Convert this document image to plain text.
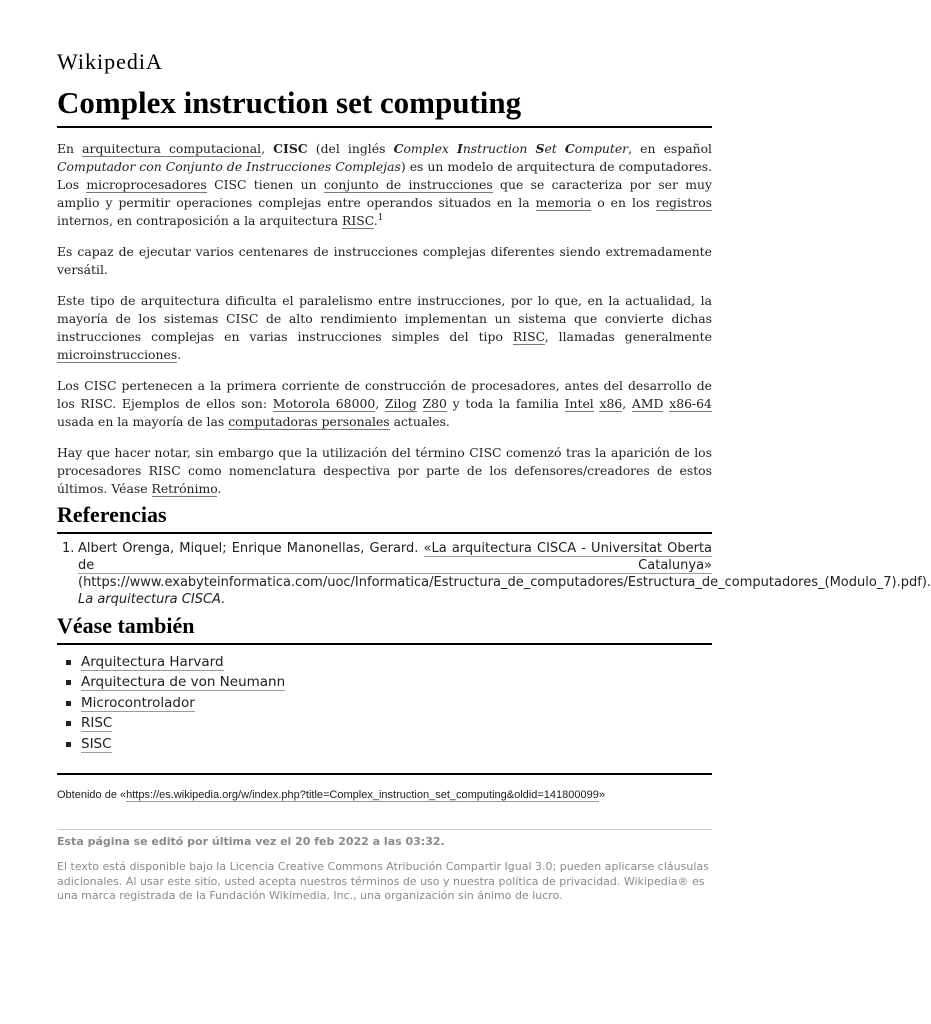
WikipediA
Complex instruction set computing

En arquitectura computacional, CISC (del inglés Complex Instruction Set Computer, en español Computador con Conjunto de Instrucciones Complejas) es un modelo de arquitectura de computadores. Los microprocesadores CISC tienen un conjunto de instrucciones que se caracteriza por ser muy amplio y permitir operaciones complejas entre operandos situados en la memoria o en los registros internos, en contraposición a la arquitectura RISC.$^1$

Es capaz de ejecutar varios centenares de instrucciones complejas diferentes siendo extremadamente versátil.

Este tipo de arquitectura dificulta el paralelismo entre instrucciones, por lo que, en la actualidad, la mayoría de los sistemas CISC de alto rendimiento implementan un sistema que convierte dichas instrucciones complejas en varias instrucciones simples del tipo RISC, llamadas generalmente microinstrucciones.

Los CISC pertenecen a la primera corriente de construcción de procesadores, antes del desarrollo de los RISC. Ejemplos de ellos son: Motorola 68000, Zilog Z80 y toda la familia Intel x86, AMD x86-64 usada en la mayoría de las computadoras personales actuales.

Hay que hacer notar, sin embargo que la utilización del término CISC comenzó tras la aparición de los procesadores RISC como nomenclatura despectiva por parte de los defensores/creadores de estos últimos. Véase Retrónimo.

Referencias
1. Albert Orenga, Miquel; Enrique Manonellas, Gerard. «La arquitectura CISCA - Universitat Oberta de Catalunya» (https://www.exabyteinformatica.com/uoc/Informatica/Estructura_de_computadores/Estructura_de_computadores_(Modulo_7).pdf). La arquitectura CISCA.
Véase también
Arquitectura Harvard
Arquitectura de von Neumann
Microcontrolador
RISC
SISC
Obtenido de «https://es.wikipedia.org/w/index.php?title=Complex_instruction_set_computing&oldid=141800099»
Esta página se editó por última vez el 20 feb 2022 a las 03:32.
El texto está disponible bajo la Licencia Creative Commons Atribución Compartir Igual 3.0; pueden aplicarse cláusulas adicionales. Al usar este sitio, usted acepta nuestros términos de uso y nuestra política de privacidad. Wikipedia® es una marca registrada de la Fundación Wikimedia, Inc., una organización sin ánimo de lucro.
